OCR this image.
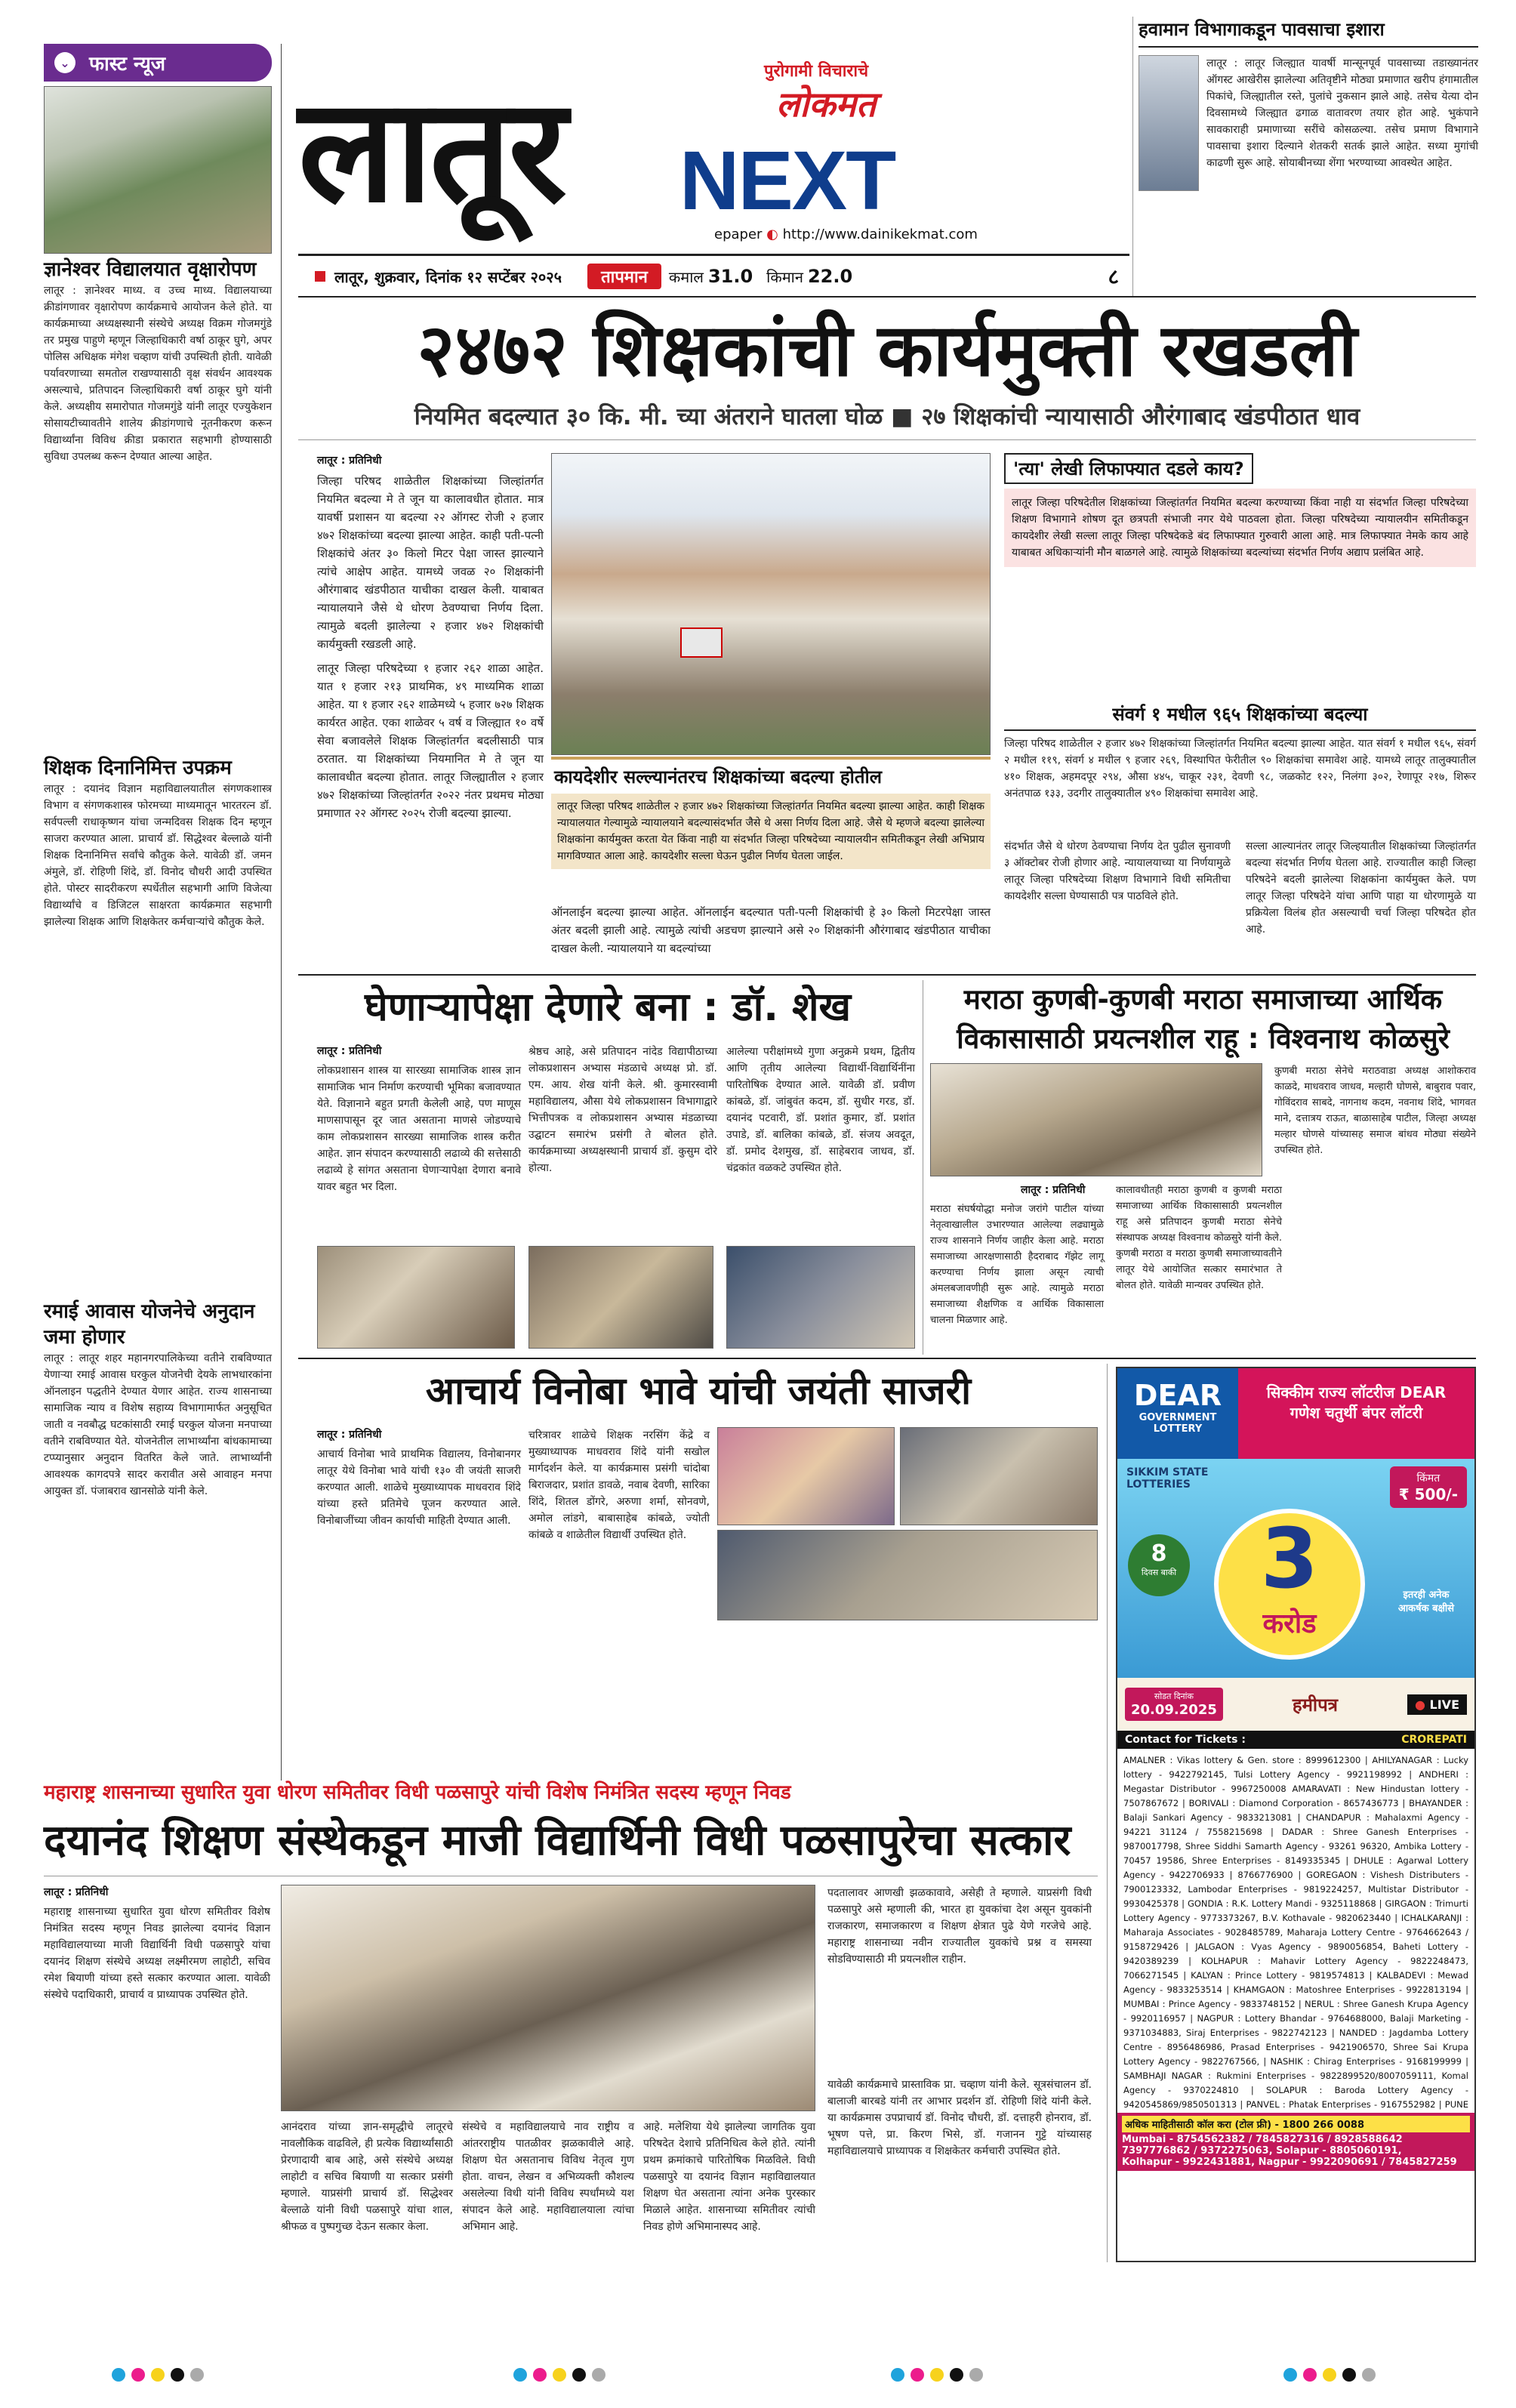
⌄ फास्ट न्यूज
ज्ञानेश्वर विद्यालयात वृक्षारोपण
लातूर : ज्ञानेश्वर माध्य. व उच्च माध्य. विद्यालयाच्या क्रीडांगणावर वृक्षारोपण कार्यक्रमाचे आयोजन केले होते. या कार्यक्रमाच्या अध्यक्षस्थानी संस्थेचे अध्यक्ष विक्रम गोजमगुंडे तर प्रमुख पाहुणे म्हणून जिल्हाधिकारी वर्षा ठाकूर घुगे, अपर पोलिस अधिक्षक मंगेश चव्हाण यांची उपस्थिती होती. यावेळी पर्यावरणाच्या समतोल राखण्यासाठी वृक्ष संवर्धन आवश्यक असल्याचे, प्रतिपादन जिल्हाधिकारी वर्षा ठाकूर घुगे यांनी केले. अध्यक्षीय समारोपात गोजमगुंडे यांनी लातूर एज्युकेशन सोसायटीच्यावतीने शालेय क्रीडांगणाचे नूतनीकरण करून विद्यार्थ्यांना विविध क्रीडा प्रकारात सहभागी होण्यासाठी सुविधा उपलब्ध करून देण्यात आल्या आहेत.
शिक्षक दिनानिमित्त उपक्रम
लातूर : दयानंद विज्ञान महाविद्यालयातील संगणकशास्त्र विभाग व संगणकशास्त्र फोरमच्या माध्यमातून भारतरत्न डॉ. सर्वपल्ली राधाकृष्णन यांचा जन्मदिवस शिक्षक दिन म्हणून साजरा करण्यात आला. प्राचार्य डॉ. सिद्धेश्वर बेल्लाळे यांनी शिक्षक दिनानिमित्त सर्वांचे कौतुक केले. यावेळी डॉ. जमन अंमुले, डॉ. रोहिणी शिंदे, डॉ. विनोद चौधरी आदी उपस्थित होते. पोस्टर सादरीकरण स्पर्धेतील सहभागी आणि विजेत्या विद्यार्थ्यांचे व डिजिटल साक्षरता कार्यक्रमात सहभागी झालेल्या शिक्षक आणि शिक्षकेतर कर्मचाऱ्यांचे कौतुक केले.
रमाई आवास योजनेचे अनुदान जमा होणार
लातूर : लातूर शहर महानगरपालिकेच्या वतीने राबविण्यात येणाऱ्या रमाई आवास घरकुल योजनेची देयके लाभधारकांना ऑनलाइन पद्धतीने देण्यात येणार आहेत. राज्य शासनाच्या सामाजिक न्याय व विशेष सहाय्य विभागामार्फत अनुसूचित जाती व नवबौद्ध घटकांसाठी रमाई घरकुल योजना मनपाच्या वतीने राबविण्यात येते. योजनेतील लाभार्थ्यांना बांधकामाच्या टप्प्यानुसार अनुदान वितरित केले जाते. लाभार्थ्यांनी आवश्यक कागदपत्रे सादर करावीत असे आवाहन मनपा आयुक्त डॉ. पंजाबराव खानसोळे यांनी केले.
लातूर	पुरोगामी विचाराचे
लोकमत
NEXT
epaper ◐ http://www.dainikekmat.com
लातूर, शुक्रवार, दिनांक १२ सप्टेंबर २०२५	तापमान	कमाल 31.0 किमान 22.0	८
हवामान विभागाकडून पावसाचा इशारा
लातूर : लातूर जिल्ह्यात यावर्षी मान्सूनपूर्व पावसाच्या तडाख्यानंतर ऑगस्ट आखेरीस झालेल्या अतिवृष्टीने मोठ्या प्रमाणात खरीप हंगामातील पिकांचे, जिल्ह्यातील रस्ते, पुलांचे नुकसान झाले आहे. तसेच येत्या दोन दिवसामध्ये जिल्ह्यात ढगाळ वातावरण तयार होत आहे. भुकंपाने सावकाराही प्रमाणाच्या सरींचे कोसळल्या. तसेच प्रमाण विभागाने पावसाचा इशारा दिल्याने शेतकरी सतर्क झाले आहेत. सध्या मुगांची काढणी सुरू आहे. सोयाबीनच्या शेंगा भरण्याच्या आवस्थेत आहेत.
२४७२ शिक्षकांची कार्यमुक्ती रखडली
नियमित बदल्यात ३० कि. मी. च्या अंतराने घातला घोळ ■ २७ शिक्षकांची न्यायासाठी औरंगाबाद खंडपीठात धाव
लातूर : प्रतिनिधी
जिल्हा परिषद शाळेतील शिक्षकांच्या जिल्हांतर्गत नियमित बदल्या मे ते जून या कालावधीत होतात. मात्र यावर्षी प्रशासन या बदल्या २२ ऑगस्ट रोजी २ हजार ४७२ शिक्षकांच्या बदल्या झाल्या आहेत. काही पती-पत्नी शिक्षकांचे अंतर ३० किलो मिटर पेक्षा जास्त झाल्याने त्यांचे आक्षेप आहेत. यामध्ये जवळ २० शिक्षकांनी औरंगाबाद खंडपीठात याचीका दाखल केली. याबाबत न्यायालयाने जैसे थे धोरण ठेवण्याचा निर्णय दिला. त्यामुळे बदली झालेल्या २ हजार ४७२ शिक्षकांची कार्यमुक्ती रखडली आहे.
लातूर जिल्हा परिषदेच्या १ हजार २६२ शाळा आहेत. यात १ हजार २१३ प्राथमिक, ४९ माध्यमिक शाळा आहेत. या १ हजार २६२ शाळेमध्ये ५ हजार ७२७ शिक्षक कार्यरत आहेत. एका शाळेवर ५ वर्ष व जिल्ह्यात १० वर्षे सेवा बजावलेले शिक्षक जिल्हांतर्गत बदलीसाठी पात्र ठरतात. या शिक्षकांच्या नियमानित मे ते जून या कालावधीत बदल्या होतात. लातूर जिल्ह्यातील २ हजार ४७२ शिक्षकांच्या जिल्हांतर्गत २०२२ नंतर प्रथमच मोठ्या प्रमाणात २२ ऑगस्ट २०२५ रोजी बदल्या झाल्या.
कायदेशीर सल्ल्यानंतरच शिक्षकांच्या बदल्या होतील
लातूर जिल्हा परिषद शाळेतील २ हजार ४७२ शिक्षकांच्या जिल्हांतर्गत नियमित बदल्या झाल्या आहेत. काही शिक्षक न्यायालयात गेल्यामुळे न्यायालयाने बदल्यासंदर्भात जैसे थे असा निर्णय दिला आहे. जैसे थे म्हणजे बदल्या झालेल्या शिक्षकांना कार्यमुक्त करता येत किंवा नाही या संदर्भात जिल्हा परिषदेच्या न्यायालयीन समितीकडून लेखी अभिप्राय मागविण्यात आला आहे. कायदेशीर सल्ला घेऊन पुढील निर्णय घेतला जाईल.
ऑनलाईन बदल्या झाल्या आहेत. ऑनलाईन बदल्यात पती-पत्नी शिक्षकांची हे ३० किलो मिटरपेक्षा जास्त अंतर बदली झाली आहे. त्यामुळे त्यांची अडचण झाल्याने असे २० शिक्षकांनी औरंगाबाद खंडपीठात याचीका दाखल केली. न्यायालयाने या बदल्यांच्या
'त्या' लेखी लिफाफ्यात दडले काय?
लातूर जिल्हा परिषदेतील शिक्षकांच्या जिल्हांतर्गत नियमित बदल्या करण्याच्या किंवा नाही या संदर्भात जिल्हा परिषदेच्या शिक्षण विभागाने शोषण दूत छत्रपती संभाजी नगर येथे पाठवला होता. जिल्हा परिषदेच्या न्यायालयीन समितीकडून कायदेशीर लेखी सल्ला लातूर जिल्हा परिषदेकडे बंद लिफाफ्यात गुरुवारी आला आहे. मात्र लिफाफ्यात नेमके काय आहे याबाबत अधिकाऱ्यांनी मौन बाळगले आहे. त्यामुळे शिक्षकांच्या बदल्यांच्या संदर्भात निर्णय अद्याप प्रलंबित आहे.
संवर्ग १ मधील ९६५ शिक्षकांच्या बदल्या
जिल्हा परिषद शाळेतील २ हजार ४७२ शिक्षकांच्या जिल्हांतर्गत नियमित बदल्या झाल्या आहेत. यात संवर्ग १ मधील ९६५, संवर्ग २ मधील ११९, संवर्ग ४ मधील ९ हजार २६९, विस्थापित फेरीतील ९० शिक्षकांचा समावेश आहे. यामध्ये लातूर तालुक्यातील ४१० शिक्षक, अहमदपूर २९४, औसा ४४५, चाकूर २३१, देवणी ९८, जळकोट १२२, निलंगा ३०२, रेणापूर २१७, शिरूर अनंतपाळ १३३, उदगीर तालुक्यातील ४९० शिक्षकांचा समावेश आहे.
संदर्भात जैसे थे धोरण ठेवण्याचा निर्णय देत पुढील सुनावणी ३ ऑक्टोबर रोजी होणार आहे. न्यायालयाच्या या निर्णयामुळे लातूर जिल्हा परिषदेच्या शिक्षण विभागाने विधी समितीचा कायदेशीर सल्ला घेण्यासाठी पत्र पाठविले होते.
सल्ला आल्यानंतर लातूर जिल्हयातील शिक्षकांच्या जिल्हांतर्गत बदल्या संदर्भात निर्णय घेतला आहे. राज्यातील काही जिल्हा परिषदेने बदली झालेल्या शिक्षकांना कार्यमुक्त केले. पण लातूर जिल्हा परिषदेने यांचा आणि पाहा या धोरणामुळे या प्रक्रियेला विलंब होत असल्याची चर्चा जिल्हा परिषदेत होत आहे.
घेणाऱ्यापेक्षा देणारे बना : डॉ. शेख
लातूर : प्रतिनिधी
लोकप्रशासन शास्त्र या सारख्या सामाजिक शास्त्र ज्ञान सामाजिक भान निर्माण करण्याची भूमिका बजावण्यात येते. विज्ञानाने बहुत प्रगती केलेली आहे, पण माणूस माणसापासून दूर जात असताना माणसे जोडण्याचे काम लोकप्रशासन सारख्या सामाजिक शास्त्र करीत आहेत. ज्ञान संपादन करण्यासाठी लढाव्ये की सत्तेसाठी लढाव्ये हे सांगत असताना घेणाऱ्यापेक्षा देणारा बनावे यावर बहुत भर दिला.
श्रेष्ठच आहे, असे प्रतिपादन नांदेड विद्यापीठाच्या लोकप्रशासन अभ्यास मंडळाचे अध्यक्ष प्रो. डॉ. एम. आय. शेख यांनी केले. श्री. कुमारस्वामी महाविद्यालय, औसा येथे लोकप्रशासन विभागाद्वारे भित्तीपत्रक व लोकप्रशासन अभ्यास मंडळाच्या उद्घाटन समारंभ प्रसंगी ते बोलत होते. कार्यक्रमाच्या अध्यक्षस्थानी प्राचार्य डॉ. कुसुम दोरे होत्या.
आलेल्या परीक्षांमध्ये गुणा अनुक्रमे प्रथम, द्वितीय आणि तृतीय आलेल्या विद्यार्थी-विद्यार्थिनींना पारितोषिक देण्यात आले. यावेळी डॉ. प्रवीण कांबळे, डॉ. जांबुवंत कदम, डॉ. सुधीर गरड, डॉ. दयानंद पटवारी, डॉ. प्रशांत कुमार, डॉ. प्रशांत उपाडे, डॉ. बालिका कांबळे, डॉ. संजय अवदूत, डॉ. प्रमोद देशमुख, डॉ. साहेबराव जाधव, डॉ. चंद्रकांत वळकटे उपस्थित होते.
मराठा कुणबी-कुणबी मराठा समाजाच्या आर्थिक
विकासासाठी प्रयत्नशील राहू : विश्वनाथ कोळसुरे
लातूर : प्रतिनिधी
मराठा संघर्षयोद्धा मनोज जरांगे पाटील यांच्या नेतृत्वाखालील उभारण्यात आलेल्या लढ्यामुळे राज्य शासनाने निर्णय जाहीर केला आहे. मराठा समाजाच्या आरक्षणासाठी हैदराबाद गॅझेट लागू करण्याचा निर्णय झाला असून त्याची अंमलबजावणीही सुरू आहे. त्यामुळे मराठा समाजाच्या शैक्षणिक व आर्थिक विकासाला चालना मिळणार आहे.
कालावधीतही मराठा कुणबी व कुणबी मराठा समाजाच्या आर्थिक विकासासाठी प्रयत्नशील राहू असे प्रतिपादन कुणबी मराठा सेनेचे संस्थापक अध्यक्ष विश्वनाथ कोळसुरे यांनी केले. कुणबी मराठा व मराठा कुणबी समाजाच्यावतीने लातूर येथे आयोजित सत्कार समारंभात ते बोलत होते. यावेळी मान्यवर उपस्थित होते.
कुणबी मराठा सेनेचे मराठवाडा अध्यक्ष आशोकराव काळदे, माधवराव जाधव, मल्हारी घोणसे, बाबुराव पवार, गोविंदराव साबदे, नागनाथ कदम, नवनाथ शिंदे, भागवत माने, दत्तात्रय राऊत, बाळासाहेब पाटील, जिल्हा अध्यक्ष मल्हार घोणसे यांच्यासह समाज बांधव मोठ्या संख्येने उपस्थित होते.
आचार्य विनोबा भावे यांची जयंती साजरी
लातूर : प्रतिनिधी
आचार्य विनोबा भावे प्राथमिक विद्यालय, विनोबानगर लातूर येथे विनोबा भावे यांची १३० वी जयंती साजरी करण्यात आली. शाळेचे मुख्याध्यापक माधवराव शिंदे यांच्या हस्ते प्रतिमेचे पूजन करण्यात आले. विनोबाजींच्या जीवन कार्याची माहिती देण्यात आली.
चरित्रावर शाळेचे शिक्षक नरसिंग केंद्रे व मुख्याध्यापक माधवराव शिंदे यांनी सखोल मार्गदर्शन केले. या कार्यक्रमास प्रसंगी चांदोबा बिराजदार, प्रशांत डावळे, नवाब देवणी, सारिका शिंदे, शितल डोंगरे, अरुणा शर्मा, सोनवणे, अमोल लांडगे, बाबासाहेब कांबळे, ज्योती कांबळे व शाळेतील विद्यार्थी उपस्थित होते.
DEAR
GOVERNMENT LOTTERY
सिक्कीम राज्य लॉटरीज DEAR
गणेश चतुर्थी बंपर लॉटरी
SIKKIM STATE LOTTERIES	किंमत
₹ 500/-
8
दिवस बाकी	3
करोड
इतरही अनेक आकर्षक बक्षीसे
सोडत दिनांक
20.09.2025	हमीपत्र	● LIVE
Contact for Tickets :	CROREPATI
AMALNER : Vikas lottery & Gen. store : 8999612300 | AHILYANAGAR : Lucky lottery - 9422792145, Tulsi Lottery Agency - 9921198992 | ANDHERI : Megastar Distributor - 9967250008 AMARAVATI : New Hindustan lottery - 7507867672 | BORIVALI : Diamond Corporation - 8657436773 | BHAYANDER : Balaji Sankari Agency - 9833213081 | CHANDAPUR : Mahalaxmi Agency - 94221 31124 / 7558215698 | DADAR : Shree Ganesh Enterprises - 9870017798, Shree Siddhi Samarth Agency - 93261 96320, Ambika Lottery - 70457 19586, Shree Enterprises - 8149335345 | DHULE : Agarwal Lottery Agency - 9422706933 | 8766776900 | GOREGAON : Vishesh Distributers - 7900123332, Lambodar Enterprises - 9819224257, Multistar Distributor - 9930425378 | GONDIA : R.K. Lottery Mandi - 9325118868 | GIRGAON : Trimurti Lottery Agency - 9773373267, B.V. Kothavale - 9820623440 | ICHALKARANJI : Maharaja Associates - 9028485789, Maharaja Lottery Centre - 9764662643 / 9158729426 | JALGAON : Vyas Agency - 9890056854, Baheti Lottery - 9420389239 | KOLHAPUR : Mahavir Lottery Agency - 9822248473, 7066271545 | KALYAN : Prince Lottery - 9819574813 | KALBADEVI : Mewad Agency - 9833253514 | KHAMGAON : Matoshree Enterprises - 9922813194 | MUMBAI : Prince Agency - 9833748152 | NERUL : Shree Ganesh Krupa Agency - 9920116957 | NAGPUR : Lottery Bhandar - 9764688000, Balaji Marketing - 9371034883, Siraj Enterprises - 9822742123 | NANDED : Jagdamba Lottery Centre - 8956486986, Prasad Enterprises - 9421906570, Shree Sai Krupa Lottery Agency - 9822767566, | NASHIK : Chirag Enterprises - 9168199999 | SAMBHAJI NAGAR : Rukmini Enterprises - 9822899520/8007059111, Komal Agency - 9370224810 | SOLAPUR : Baroda Lottery Agency - 9420545869/9850501313 | PANVEL : Phatak Enterprises - 9167552982 | PUNE
अधिक माहितीसाठी कॉल करा (टोल फ्री) - 1800 266 0088
Mumbai - 8754562382 / 7845827316 / 8928588642
7397776862 / 9372275063, Solapur - 8805060191,
Kolhapur - 9922431881, Nagpur - 9922090691 / 7845827259
महाराष्ट्र शासनाच्या सुधारित युवा धोरण समितीवर विधी पळसापुरे यांची विशेष निमंत्रित सदस्य म्हणून निवड
दयानंद शिक्षण संस्थेकडून माजी विद्यार्थिनी विधी पळसापुरेचा सत्कार
लातूर : प्रतिनिधी
महाराष्ट्र शासनाच्या सुधारित युवा धोरण समितीवर विशेष निमंत्रित सदस्य म्हणून निवड झालेल्या दयानंद विज्ञान महाविद्यालयाच्या माजी विद्यार्थिनी विधी पळसापुरे यांचा दयानंद शिक्षण संस्थेचे अध्यक्ष लक्ष्मीरमण लाहोटी, सचिव रमेश बियाणी यांच्या हस्ते सत्कार करण्यात आला. यावेळी संस्थेचे पदाधिकारी, प्राचार्य व प्राध्यापक उपस्थित होते.
आनंदराव यांच्या ज्ञान-समृद्धीचे लातूरचे नावलौकिक वाढविले, ही प्रत्येक विद्यार्थ्यांसाठी प्रेरणादायी बाब आहे, असे संस्थेचे अध्यक्ष लाहोटी व सचिव बियाणी या सत्कार प्रसंगी म्हणाले. याप्रसंगी प्राचार्य डॉ. सिद्धेश्वर बेल्लाळे यांनी विधी पळसापुरे यांचा शाल, श्रीफळ व पुष्पगुच्छ देऊन सत्कार केला.
संस्थेचे व महाविद्यालयाचे नाव राष्ट्रीय व आंतरराष्ट्रीय पातळीवर झळकावीले आहे. शिक्षण घेत असतानाच विविध नेतृत्व गुण होता. वाचन, लेखन व अभिव्यक्ती कौशल्य असलेल्या विधी यांनी विविध स्पर्धांमध्ये यश संपादन केले आहे. महाविद्यालयाला त्यांचा अभिमान आहे.
आहे. मलेशिया येथे झालेल्या जागतिक युवा परिषदेत देशाचे प्रतिनिधित्व केले होते. त्यांनी प्रथम क्रमांकाचे पारितोषिक मिळविले. विधी पळसापुरे या दयानंद विज्ञान महाविद्यालयात शिक्षण घेत असताना त्यांना अनेक पुरस्कार मिळाले आहेत. शासनाच्या समितीवर त्यांची निवड होणे अभिमानास्पद आहे.
पदतालावर आणखी झळकावावे, असेही ते म्हणाले. याप्रसंगी विधी पळसापुरे असे म्हणाली की, भारत हा युवकांचा देश असून युवकांनी राजकारण, समाजकारण व शिक्षण क्षेत्रात पुढे येणे गरजेचे आहे. महाराष्ट्र शासनाच्या नवीन राज्यातील युवकांचे प्रश्न व समस्या सोडविण्यासाठी मी प्रयत्नशील राहीन.
यावेळी कार्यक्रमाचे प्रास्ताविक प्रा. चव्हाण यांनी केले. सूत्रसंचालन डॉ. बालाजी बारबडे यांनी तर आभार प्रदर्शन डॉ. रोहिणी शिंदे यांनी केले. या कार्यक्रमास उपप्राचार्य डॉ. विनोद चौधरी, डॉ. दत्ताहरी होनराव, डॉ. भूषण पत्ते, प्रा. किरण भिसे, डॉ. गजानन गुट्टे यांच्यासह महाविद्यालयाचे प्राध्यापक व शिक्षकेतर कर्मचारी उपस्थित होते.
